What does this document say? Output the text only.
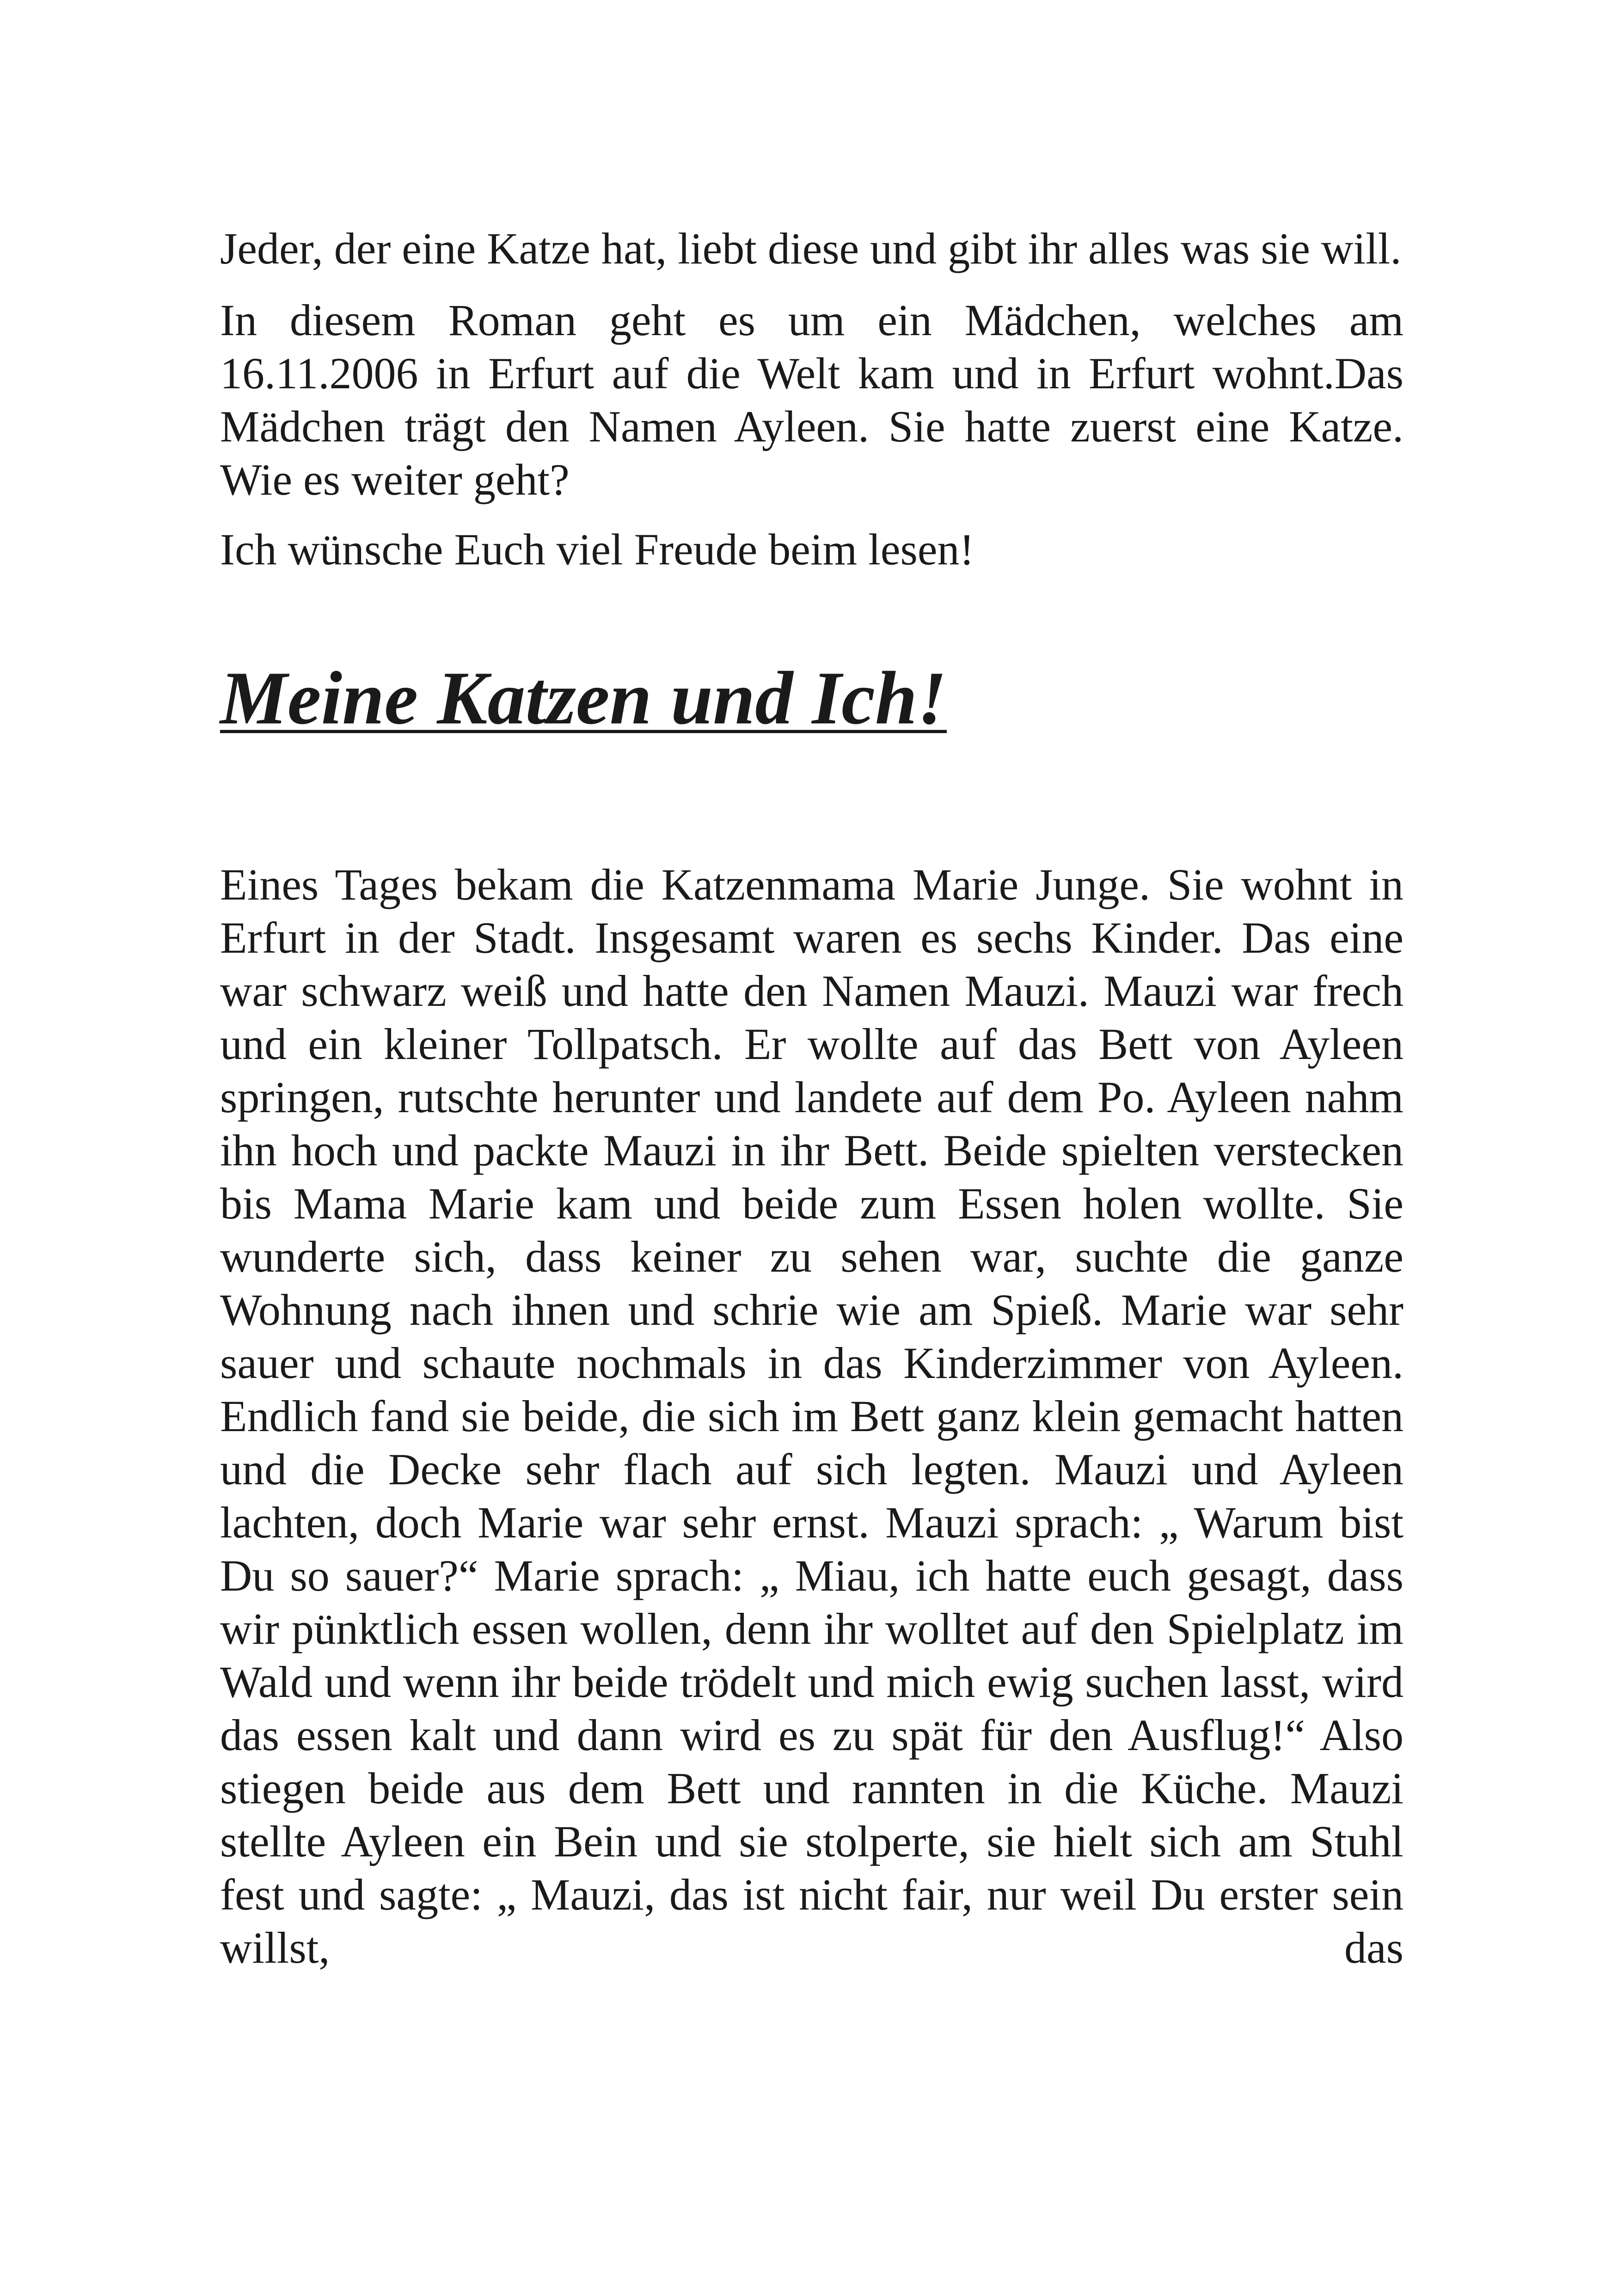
Jeder, der eine Katze hat, liebt diese und gibt ihr alles was sie will.

In diesem Roman geht es um ein Mädchen, welches am 16.11.2006 in Erfurt auf die Welt kam und in Erfurt wohnt.Das Mädchen trägt den Namen Ayleen. Sie hatte zuerst eine Katze. Wie es weiter geht?

Ich wünsche Euch viel Freude beim lesen!

Meine Katzen und Ich!

Eines Tages bekam die Katzenmama Marie Junge. Sie wohnt in Erfurt in der Stadt. Insgesamt waren es sechs Kinder. Das eine war schwarz weiß und hatte den Namen Mauzi. Mauzi war frech und ein kleiner Tollpatsch. Er wollte auf das Bett von Ayleen springen, rutschte herunter und landete auf dem Po. Ayleen nahm ihn hoch und packte Mauzi in ihr Bett. Beide spielten verstecken bis Mama Marie kam und beide zum Essen holen wollte. Sie wunderte sich, dass keiner zu sehen war, suchte die ganze Wohnung nach ihnen und schrie wie am Spieß. Marie war sehr sauer und schaute nochmals in das Kinderzimmer von Ayleen. Endlich fand sie beide, die sich im Bett ganz klein gemacht hatten und die Decke sehr flach auf sich legten. Mauzi und Ayleen lachten, doch Marie war sehr ernst. Mauzi sprach: „ Warum bist Du so sauer?“ Marie sprach: „ Miau, ich hatte euch gesagt, dass wir pünktlich essen wollen, denn ihr wolltet auf den Spielplatz im Wald und wenn ihr beide trödelt und mich ewig suchen lasst, wird das essen kalt und dann wird es zu spät für den Ausflug!“ Also stiegen beide aus dem Bett und rannten in die Küche. Mauzi stellte Ayleen ein Bein und sie stolperte, sie hielt sich am Stuhl fest und sagte: „ Mauzi, das ist nicht fair, nur weil Du erster sein willst, das
